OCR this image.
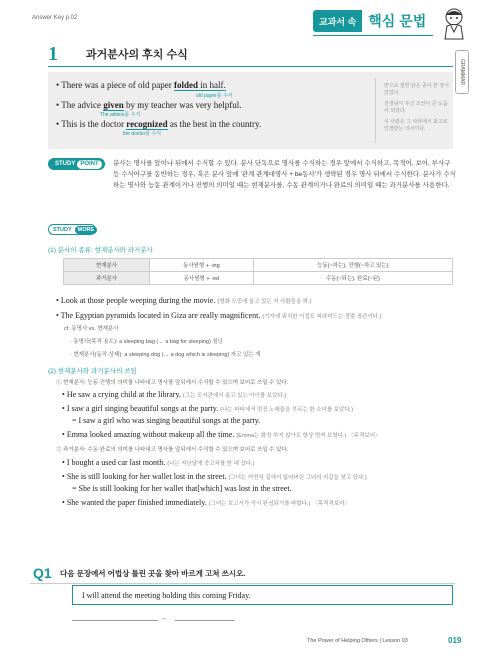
Answer Key p.02	교과서 속 핵심 문법
1	과거분사의 후치 수식
GRAMMAR
• There was a piece of old paper folded in half.
old paper를 수식
• The advice given by my teacher was very helpful.
The advice를 수식
• This is the doctor recognized as the best in the country.
the doctor를 수식
반으로 접힌 낡은 종이 한 장이 있었다.
선생님이 주신 조언이 큰 도움이 되었다.
이 사람은 그 나라에서 최고로 인정받는 의사이다.
STUDY POINT	분사는 명사를 앞이나 뒤에서 수식할 수 있다. 분사 단독으로 명사를 수식하는 경우 앞에서 수식하고, 목적어, 보어, 부사구 등 수식어구를 동반하는 경우, 혹은 분사 앞에 '관계 관계대명사 + be동사'가 생략된 경우 명사 뒤에서 수식한다. 분사가 수식하는 명사와 능동 관계이거나 진행의 의미일 때는 현재분사를, 수동 관계이거나 완료의 의미일 때는 과거분사를 사용한다.
STUDY	MORE
(1) 분사의 종류: 현재분사와 과거분사
현재분사	동사원형 + -ing	능동(~하는), 진행(~하고 있는)
과거분사	동사원형 + -ed	수동(~되는), 완료(~된)
• Look at those people weeping during the movie. (영화 도중에 울고 있는 저 사람들을 봐.)
• The Egyptian pyramids located in Giza are really magnificent. (기자에 위치한 이집트 피라미드는 정말 장관이다.)
cf. 동명사 vs. 현재분사
· 동명사(목적·용도): a sleeping bag (→ a bag for sleeping) 침낭
· 현재분사(동작·상태): a sleeping dog (→ a dog which is sleeping) 자고 있는 개
(2) 현재분사와 과거분사의 쓰임
① 현재분사: 능동·진행의 의미를 나타내고 명사를 앞뒤에서 수식할 수 있으며 보어로 쓰일 수 있다.
• He saw a crying child at the library. (그는 도서관에서 울고 있는 아이를 보았다.)
• I saw a girl singing beautiful songs at the party. (나는 파티에서 멋진 노래들을 부르는 한 소녀를 보았다.)
= I saw a girl who was singing beautiful songs at the party.
• Emma looked amazing without makeup all the time. (Emma는 화장 하지 않아도 항상 멋져 보였다.) 〈주격보어〉
② 과거분사: 수동·완료의 의미를 나타내고 명사를 앞뒤에서 수식할 수 있으며 보어로 쓰일 수 있다.
• I bought a used car last month. (나는 지난달에 중고차를 한 대 샀다.)
• She is still looking for her wallet lost in the street. (그녀는 여전히 길에서 잃어버린 그녀의 지갑을 찾고 있다.)
= She is still looking for her wallet that[which] was lost in the street.
• She wanted the paper finished immediately. (그녀는 보고서가 즉시 완성되기를 바랐다.) 〈목적격보어〉
Q1 다음 문장에서 어법상 틀린 곳을 찾아 바르게 고쳐 쓰시오.
I will attend the meeting holding this coming Friday.
→
The Power of Helping Others | Lesson 03	019
